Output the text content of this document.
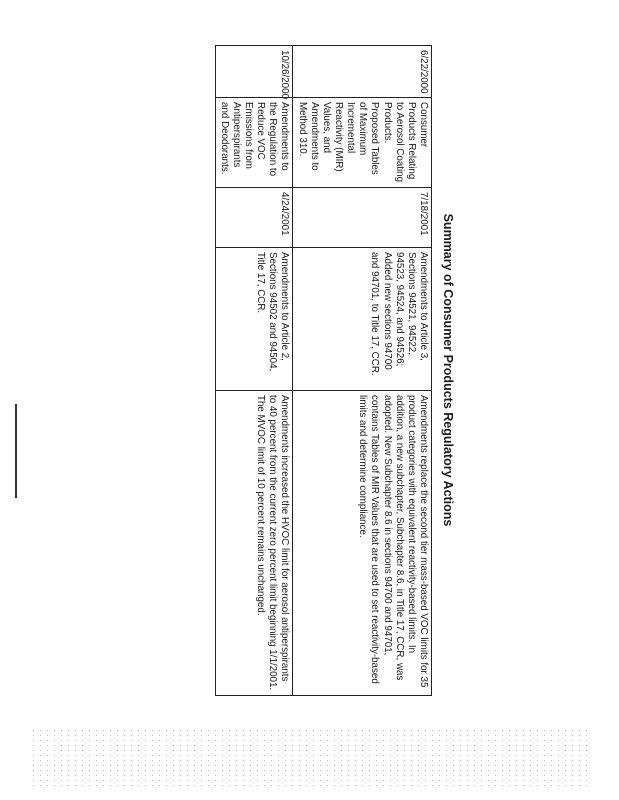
Summary of Consumer Products Regulatory Actions
6/22/2000	Consumer Products Relating to Aerosol Coating Products. Proposed Tables of Maximum Incremental Reactivity (MIR) Values, and Amendments to Method 310.	7/18/2001	Amendments to Article 3, Sections 94521, 94522, 94523, 94524, and 94526; Added new sections 94700 and 94701, to Title 17, CCR.	Amendments replace the second tier mass-based VOC limits for 35 product categories with equivalent reactivity-based limits. In addition, a new subchapter, Subchapter 8.6, in Title 17, CCR, was adopted. New Subchapter 8.6 in sections 94700 and 94701, contains Tables of MIR Values that are used to set reactivity-based limits and determine compliance.
10/26/2000	Amendments to the Regulation to Reduce VOC Emissions from Antiperspirants and Deodorants.	4/24/2001	Amendments to Article 2, Sections 94502 and 94504, Title 17, CCR.	Amendments increased the HVOC limit for aerosol antiperspirants to 40 percent from the current zero percent limit beginning 1/1/2001. The MVOC limit of 10 percent remains unchanged.
